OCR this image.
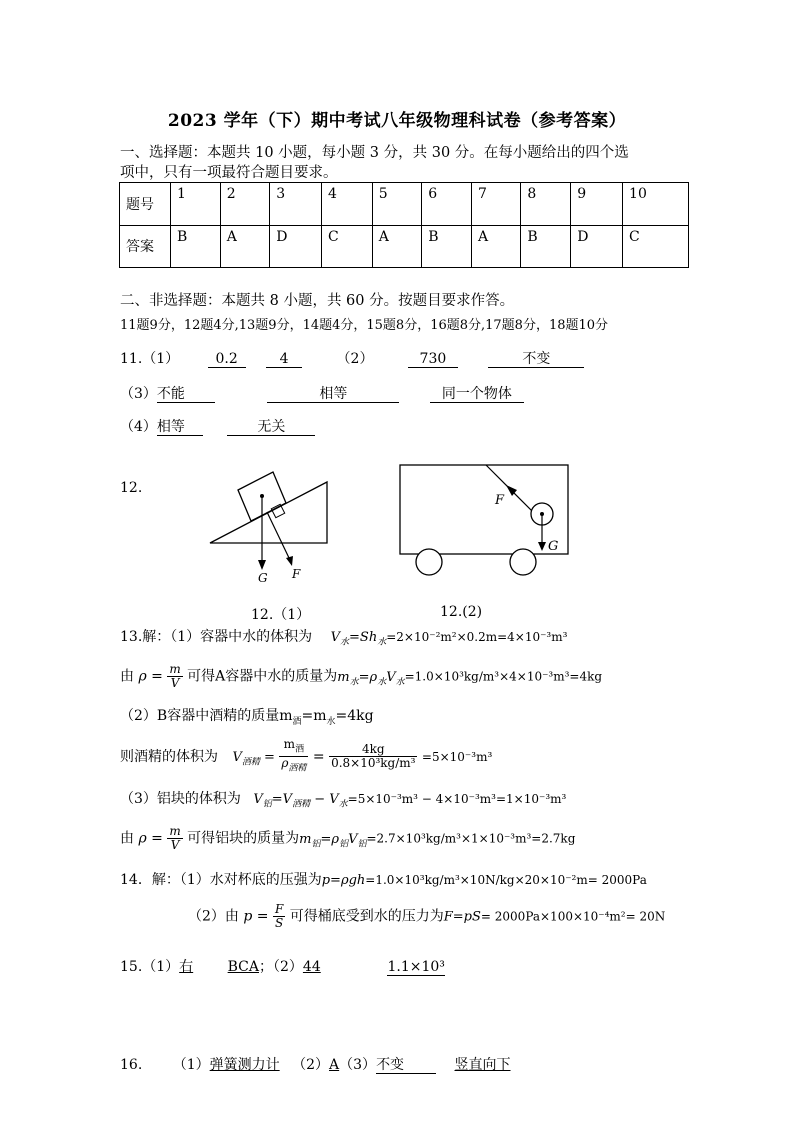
2023 学年（下）期中考试八年级物理科试卷（参考答案）
一、选择题：本题共 10 小题，每小题 3 分，共 30 分。在每小题给出的四个选
项中，只有一项最符合题目要求。
题号	1	2	3	4	5	6	7	8	9	10
答案	B	A	D	C	A	B	A	B	D	C
二、非选择题：本题共 8 小题，共 60 分。按题目要求作答。
11题9分，12题4分,13题9分，14题4分，15题8分，16题8分,17题8分，18题10分
11.（1）	0.2	4	（2）	730	不变
（3）不能	相等	同一个物体
（4）相等	无关
12.
G F
F
G
12.（1）	12.(2)
13.解：（1）容器中水的体积为 $V_水=Sh_水=2\times 10^{-2}m^2\times 0.2m=4\times 10^{-3}m^3$
由 $\rho = \frac{m}{V}$ 可得A容器中水的质量为$m_水=\rho_水V_水=1.0\times 10^3kg/m^3\times 4\times 10^{-3}m^3=4kg$
（2）B容器中酒精的质量$m_酒=m_水=4kg$
则酒精的体积为 $V_{酒精} = \frac{m_酒}{\rho_{酒精}} = \frac{4kg}{\text{0.8×10³kg/m³}} =5\times 10^{-3}m^3$
（3）铝块的体积为 $V_铝=V_{酒精} - V_水=5\times 10^{-3}m^3 - 4\times 10^{-3}m^3=1\times 10^{-3}m^3$
由 $\rho = \frac{m}{V}$ 可得铝块的质量为$m_铝=\rho_铝V_铝=2.7\times 10^3kg/m^3\times 1\times 10^{-3}m^3=2.7kg$
14．解：（1）水对杯底的压强为p=ρgh=1.0×10³kg/m³×10N/kg×20×10⁻²m= 2000Pa
（2）由 $p = \frac{F}{S}$ 可得桶底受到水的压力为F=pS= 2000Pa×100×10⁻⁴m²= 20N
15.（1）右 BCA；（2）44	1.1×10³
16. （1）弹簧测力计 （2）A（3）不变	竖直向下
